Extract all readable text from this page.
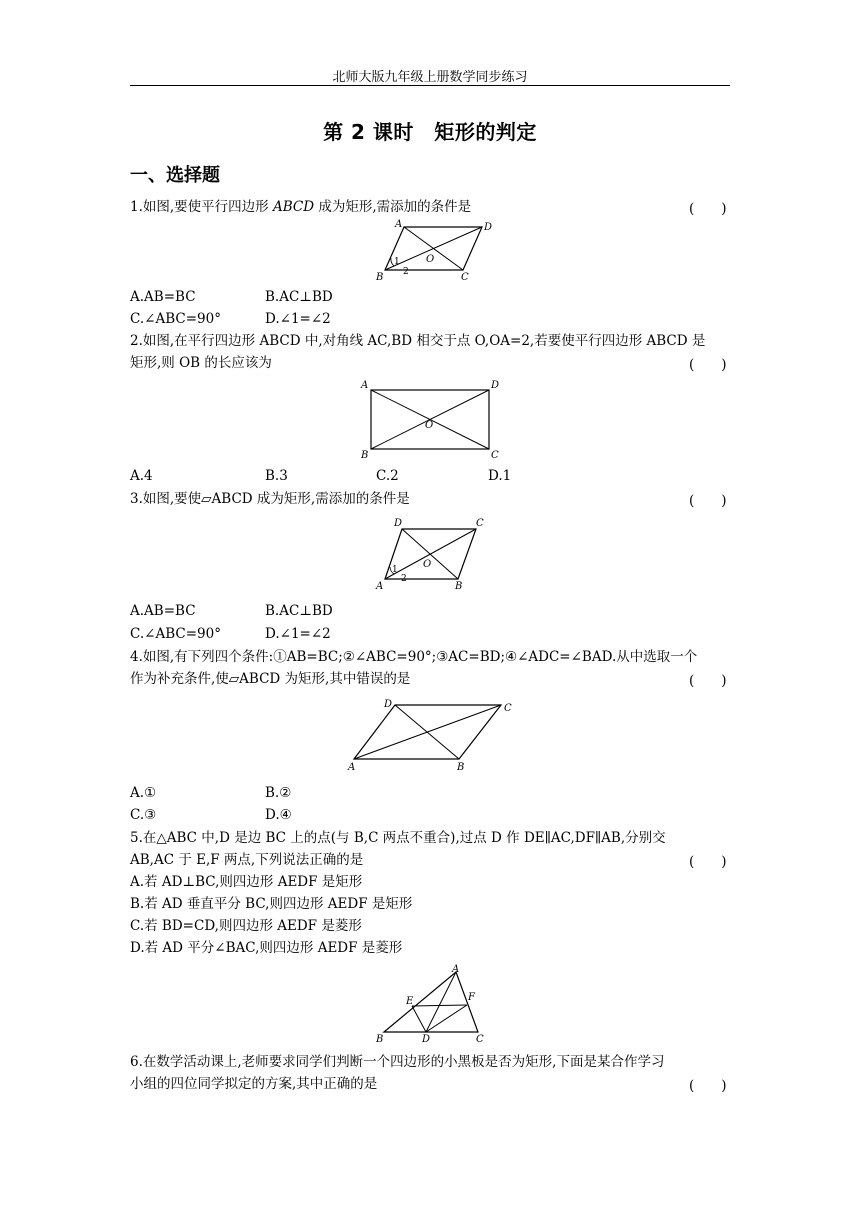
北师大版九年级上册数学同步练习
第 2 课时　矩形的判定
一、选择题
1.如图,要使平行四边形 ABCD 成为矩形,需添加的条件是	(　　)
A	D
B	C
O
1
2
A.AB=BC	B.AC⊥BD
C.∠ABC=90°	D.∠1=∠2
2.如图,在平行四边形 ABCD 中,对角线 AC,BD 相交于点 O,OA=2,若要使平行四边形 ABCD 是
矩形,则 OB 的长应该为	(　　)
A	D
B	C
O
A.4	B.3	C.2	D.1
3.如图,要使▱ABCD 成为矩形,需添加的条件是	(　　)
D	C
A	B
O
1
2
A.AB=BC	B.AC⊥BD
C.∠ABC=90°	D.∠1=∠2
4.如图,有下列四个条件:①AB=BC;②∠ABC=90°;③AC=BD;④∠ADC=∠BAD.从中选取一个
作为补充条件,使▱ABCD 为矩形,其中错误的是	(　　)
D	C
A	B
A.①	B.②
C.③	D.④
5.在△ABC 中,D 是边 BC 上的点(与 B,C 两点不重合),过点 D 作 DE∥AC,DF∥AB,分别交
AB,AC 于 E,F 两点,下列说法正确的是	(　　)
A.若 AD⊥BC,则四边形 AEDF 是矩形
B.若 AD 垂直平分 BC,则四边形 AEDF 是矩形
C.若 BD=CD,则四边形 AEDF 是菱形
D.若 AD 平分∠BAC,则四边形 AEDF 是菱形
A
E	F
B	D	C
6.在数学活动课上,老师要求同学们判断一个四边形的小黑板是否为矩形,下面是某合作学习
小组的四位同学拟定的方案,其中正确的是	(　　)
